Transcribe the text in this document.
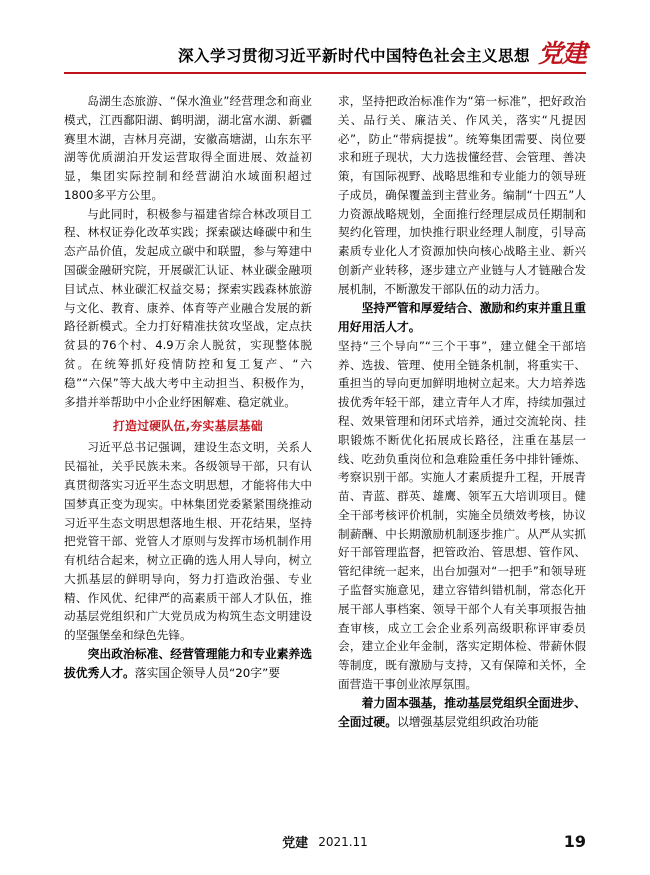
深入学习贯彻习近平新时代中国特色社会主义思想 党建

岛湖生态旅游、“保水渔业”经营理念和商业模式，江西鄱阳湖、鹤明湖，湖北富水湖、新疆赛里木湖，吉林月亮湖，安徽高塘湖，山东东平湖等优质湖泊开发运营取得全面进展、效益初显，集团实际控制和经营湖泊水域面积超过1800多平方公里。

与此同时，积极参与福建省综合林改项目工程、林权证券化改革实践；探索碳达峰碳中和生态产品价值，发起成立碳中和联盟，参与筹建中国碳金融研究院，开展碳汇认证、林业碳金融项目试点、林业碳汇权益交易；探索实践森林旅游与文化、教育、康养、体育等产业融合发展的新路径新模式。全力打好精准扶贫攻坚战，定点扶贫县的76个村、4.9万余人脱贫，实现整体脱贫。在统筹抓好疫情防控和复工复产、“六稳”“六保”等大战大考中主动担当、积极作为，多措并举帮助中小企业纾困解难、稳定就业。

打造过硬队伍,夯实基层基础

习近平总书记强调，建设生态文明，关系人民福祉，关乎民族未来。各级领导干部，只有认真贯彻落实习近平生态文明思想，才能将伟大中国梦真正变为现实。中林集团党委紧紧围绕推动习近平生态文明思想落地生根、开花结果，坚持把党管干部、党管人才原则与发挥市场机制作用有机结合起来，树立正确的选人用人导向，树立大抓基层的鲜明导向，努力打造政治强、专业精、作风优、纪律严的高素质干部人才队伍，推动基层党组织和广大党员成为构筑生态文明建设的坚强堡垒和绿色先锋。

突出政治标准、经营管理能力和专业素养选拔优秀人才。落实国企领导人员“20字”要

求，坚持把政治标准作为“第一标准”，把好政治关、品行关、廉洁关、作风关，落实“凡提因必”，防止“带病提拔”。统筹集团需要、岗位要求和班子现状，大力选拔懂经营、会管理、善决策，有国际视野、战略思维和专业能力的领导班子成员，确保覆盖到主营业务。编制“十四五”人力资源战略规划，全面推行经理层成员任期制和契约化管理，加快推行职业经理人制度，引导高素质专业化人才资源加快向核心战略主业、新兴创新产业转移，逐步建立产业链与人才链融合发展机制，不断激发干部队伍的动力活力。

坚持严管和厚爱结合、激励和约束并重且重用好用活人才。

坚持“三个导向”“三个干事”，建立健全干部培养、选拔、管理、使用全链条机制，将重实干、重担当的导向更加鲜明地树立起来。大力培养选拔优秀年轻干部，建立青年人才库，持续加强过程、效果管理和闭环式培养，通过交流轮岗、挂职锻炼不断优化拓展成长路径，注重在基层一线、吃劲负重岗位和急难险重任务中排针锤炼、考察识别干部。实施人才素质提升工程，开展青苗、青蓝、群英、雄鹰、领军五大培训项目。健全干部考核评价机制，实施全员绩效考核，协议制薪酬、中长期激励机制逐步推广。从严从实抓好干部管理监督，把管政治、管思想、管作风、管纪律统一起来，出台加强对“一把手”和领导班子监督实施意见，建立容错纠错机制，常态化开展干部人事档案、领导干部个人有关事项报告抽查审核，成立工会企业系列高级职称评审委员会，建立企业年金制，落实定期体检、带薪休假等制度，既有激励与支持，又有保障和关怀，全面营造干事创业浓厚氛围。

着力固本强基，推动基层党组织全面进步、全面过硬。以增强基层党组织政治功能

党建 2021.11	19
